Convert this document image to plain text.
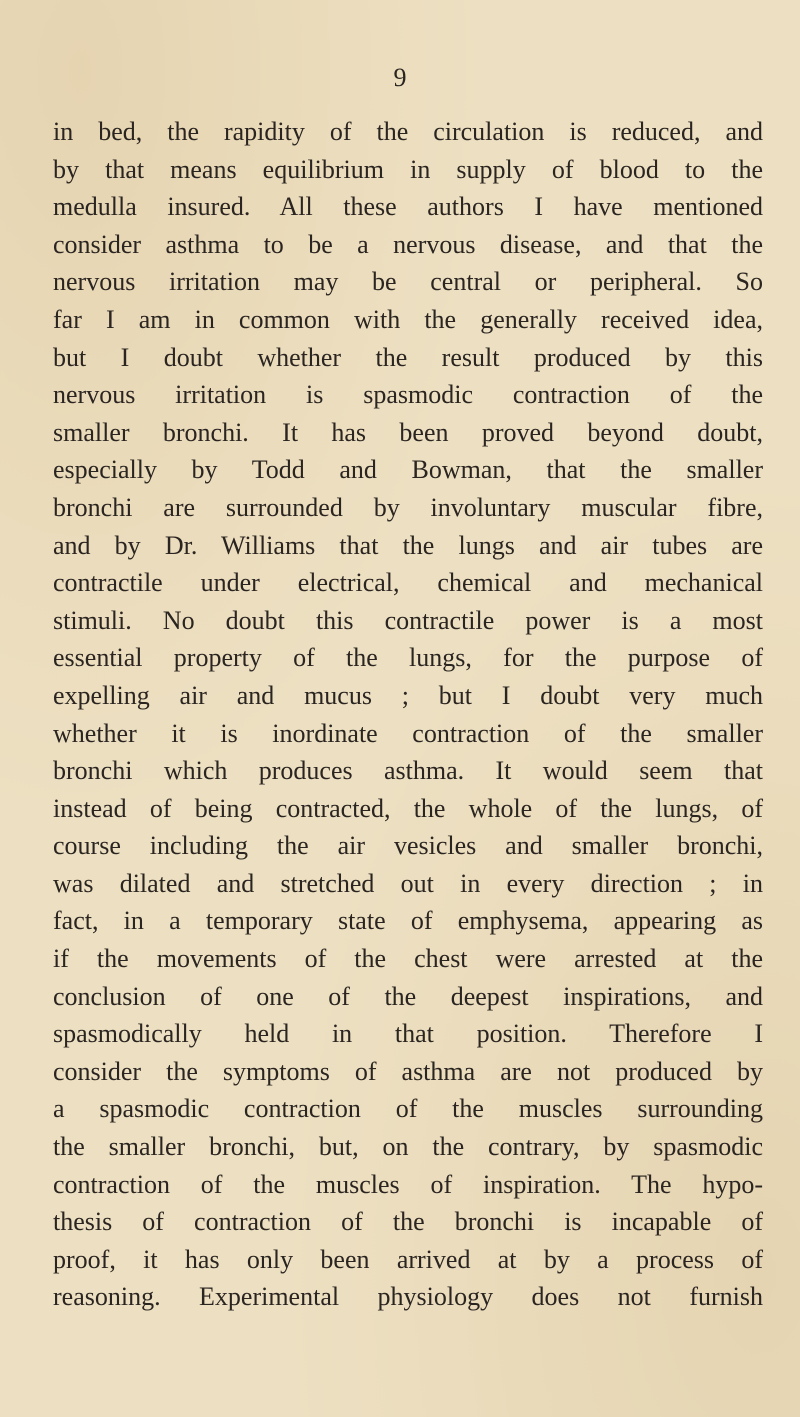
9
in bed, the rapidity of the circulation is reduced, and
by that means equilibrium in supply of blood to the
medulla insured. All these authors I have mentioned
consider asthma to be a nervous disease, and that the
nervous irritation may be central or peripheral. So
far I am in common with the generally received idea,
but I doubt whether the result produced by this
nervous irritation is spasmodic contraction of the
smaller bronchi. It has been proved beyond doubt,
especially by Todd and Bowman, that the smaller
bronchi are surrounded by involuntary muscular fibre,
and by Dr. Williams that the lungs and air tubes are
contractile under electrical, chemical and mechanical
stimuli. No doubt this contractile power is a most
essential property of the lungs, for the purpose of
expelling air and mucus ; but I doubt very much
whether it is inordinate contraction of the smaller
bronchi which produces asthma. It would seem that
instead of being contracted, the whole of the lungs, of
course including the air vesicles and smaller bronchi,
was dilated and stretched out in every direction ; in
fact, in a temporary state of emphysema, appearing as
if the movements of the chest were arrested at the
conclusion of one of the deepest inspirations, and
spasmodically held in that position. Therefore I
consider the symptoms of asthma are not produced by
a spasmodic contraction of the muscles surrounding
the smaller bronchi, but, on the contrary, by spasmodic
contraction of the muscles of inspiration. The hypo-
thesis of contraction of the bronchi is incapable of
proof, it has only been arrived at by a process of
reasoning. Experimental physiology does not furnish
